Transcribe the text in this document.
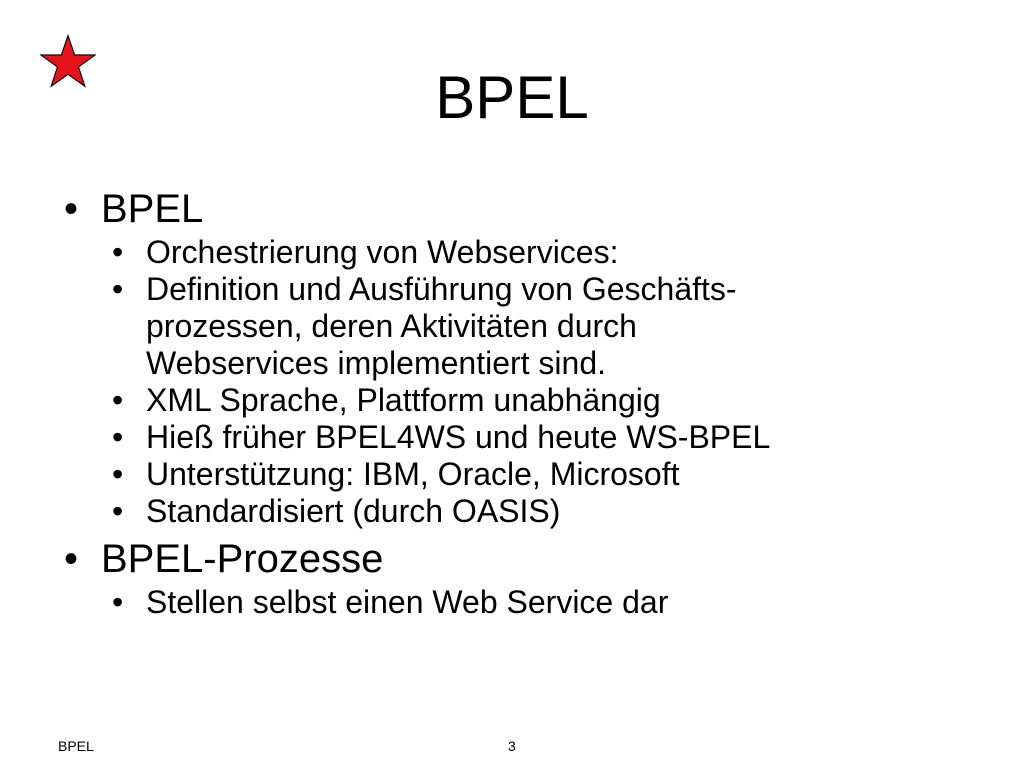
BPEL
• BPEL
• Orchestrierung von Webservices:
• Definition und Ausführung von Geschäfts-
prozessen, deren Aktivitäten durch
Webservices implementiert sind.
• XML Sprache, Plattform unabhängig
• Hieß früher BPEL4WS und heute WS-BPEL
• Unterstützung: IBM, Oracle, Microsoft
• Standardisiert (durch OASIS)
• BPEL-Prozesse
• Stellen selbst einen Web Service dar
BPEL	3
